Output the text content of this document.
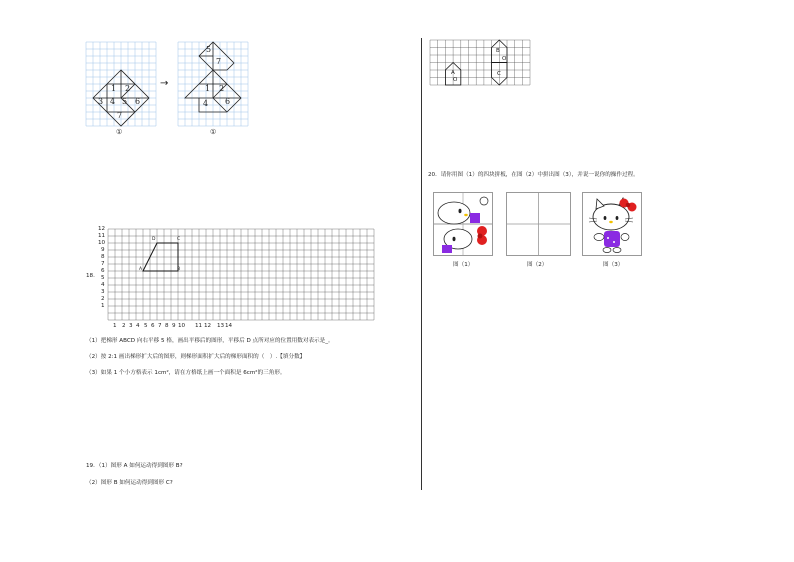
1 2
3 4 5 6
7
①
→
5
7
1 2
4 6
①
18.
12
11
10
9
8
7
6
5
4
3
2
1
1 2 3 4 5 6 7 8 9 10 11 12 13 14
D	C
A	B
（1）把梯形 ABCD 向右平移 5 格，画出平移后的图形，平移后 D 点所对应的位置用数对表示是_。
（2）按 2:1 画出梯形扩大后的图形，则梯形面积扩大后的梯形面积的（　）.【填分数】
（3）如果 1 个小方格表示 1cm²，请在方格纸上画一个面积是 6cm²的三角形。
19．（1）图形 A 如何运动得到图形 B?
（2）图形 B 如何运动得到图形 C?
A
O
B
O
C
20．请你用图（1）的四块拼板，在图（2）中拼出图（3），并说一说你的操作过程。
图（1）	图（2）	图（3）
